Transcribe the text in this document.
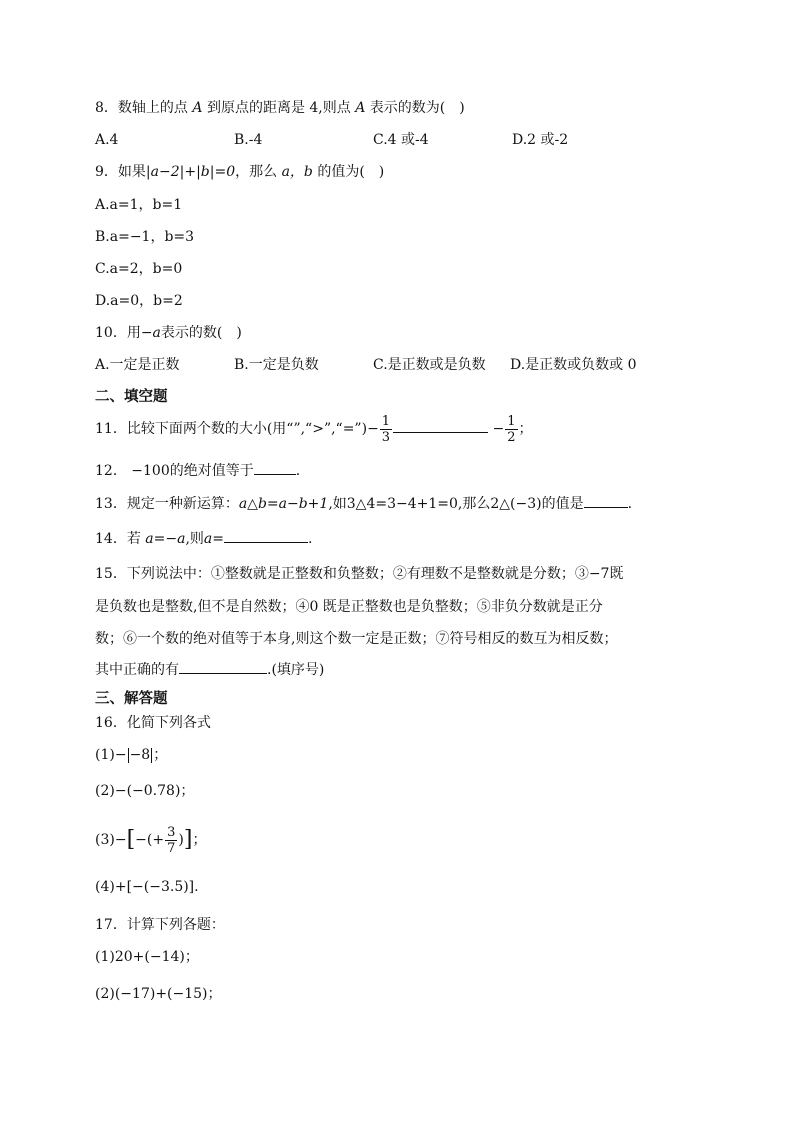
8．数轴上的点 A 到原点的距离是 4,则点 A 表示的数为(　)
A.4	B.-4	C.4 或-4	D.2 或-2
9．如果|a−2|+|b|=0，那么 a，b 的值为(　)
A.a=1，b=1
B.a=−1，b=3
C.a=2，b=0
D.a=0，b=2
10．用−a表示的数(　)
A.一定是正数	B.一定是负数	C.是正数或是负数 D.是正数或负数或 0
二、填空题
11．比较下面两个数的大小(用“”,“>”,“=”)− $\frac{1}{3}$	− $\frac{1}{2}$ ；
12． −100的绝对值等于	.
13．规定一种新运算：a△b=a−b+1,如3△4=3−4+1=0,那么2△(−3)的值是	.
14．若 a=−a,则a=	.
15．下列说法中：①整数就是正整数和负整数；②有理数不是整数就是分数；③−7既
是负数也是整数,但不是自然数；④0 既是正整数也是负整数；⑤非负分数就是正分
数；⑥一个数的绝对值等于本身,则这个数一定是正数；⑦符号相反的数互为相反数；
其中正确的有	.(填序号)
三、解答题
16．化简下列各式
(1)− −8 ；
(2)−(−0.78)；
$(3)-[-(+ \frac{3}{7}$ )]；
(4)+[−(−3.5)].
17．计算下列各题：
(1)20+(−14)；
(2)(−17)+(−15)；
